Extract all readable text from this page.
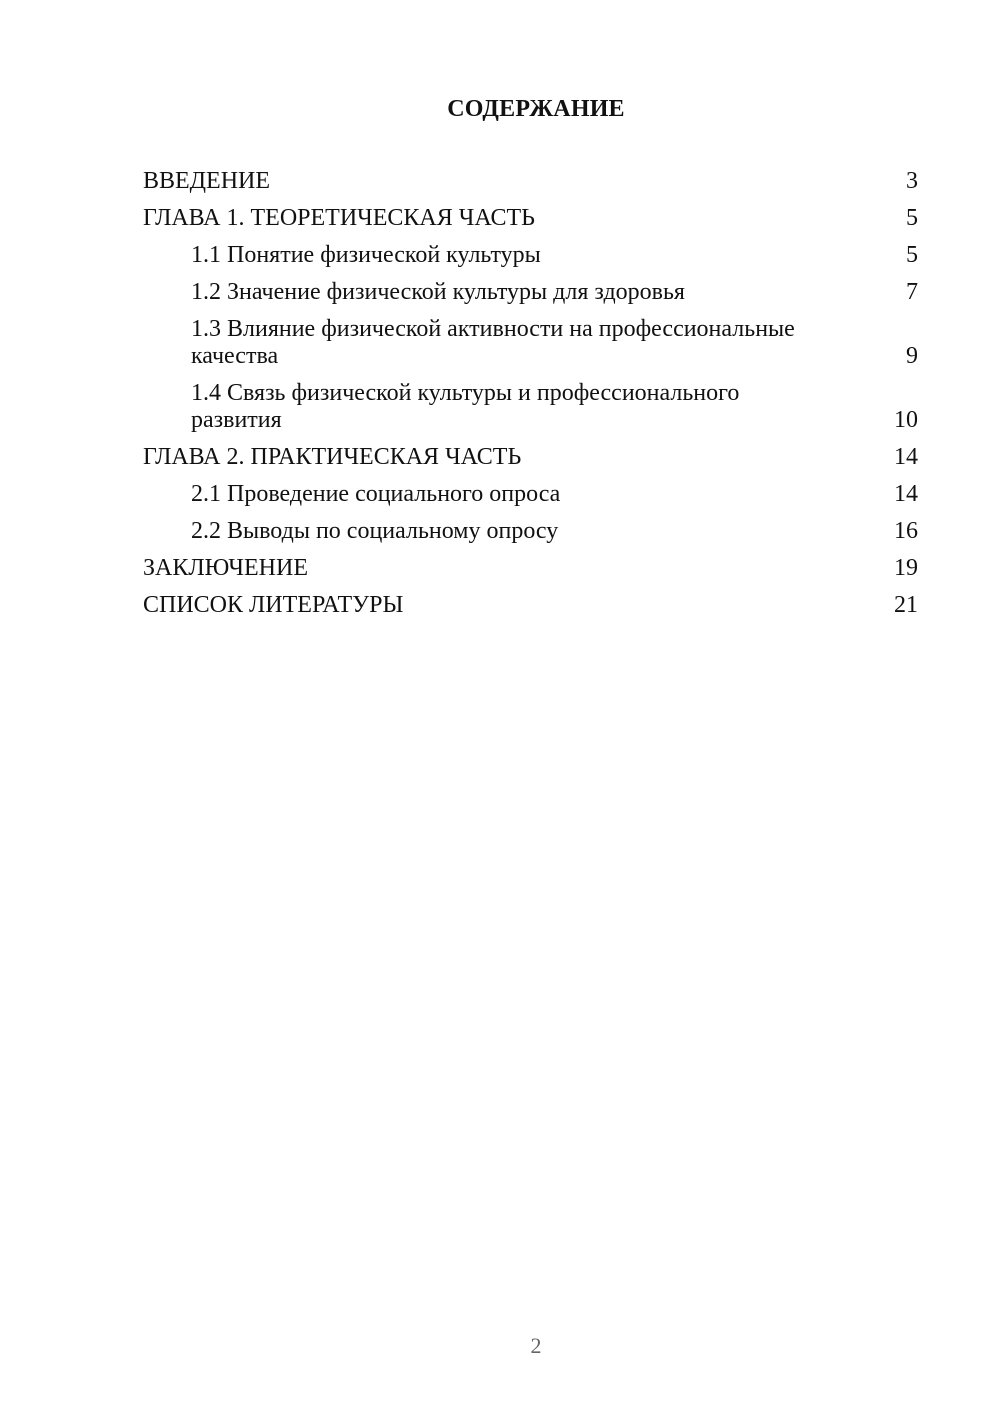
СОДЕРЖАНИЕ
ВВЕДЕНИЕ	3
ГЛАВА 1. ТЕОРЕТИЧЕСКАЯ ЧАСТЬ	5
1.1 Понятие физической культуры	5
1.2 Значение физической культуры для здоровья	7
1.3 Влияние физической активности на профессиональные качества	9
1.4 Связь физической культуры и профессионального развития	10
ГЛАВА 2. ПРАКТИЧЕСКАЯ ЧАСТЬ	14
2.1 Проведение социального опроса	14
2.2 Выводы по социальному опросу	16
ЗАКЛЮЧЕНИЕ	19
СПИСОК ЛИТЕРАТУРЫ	21
2
